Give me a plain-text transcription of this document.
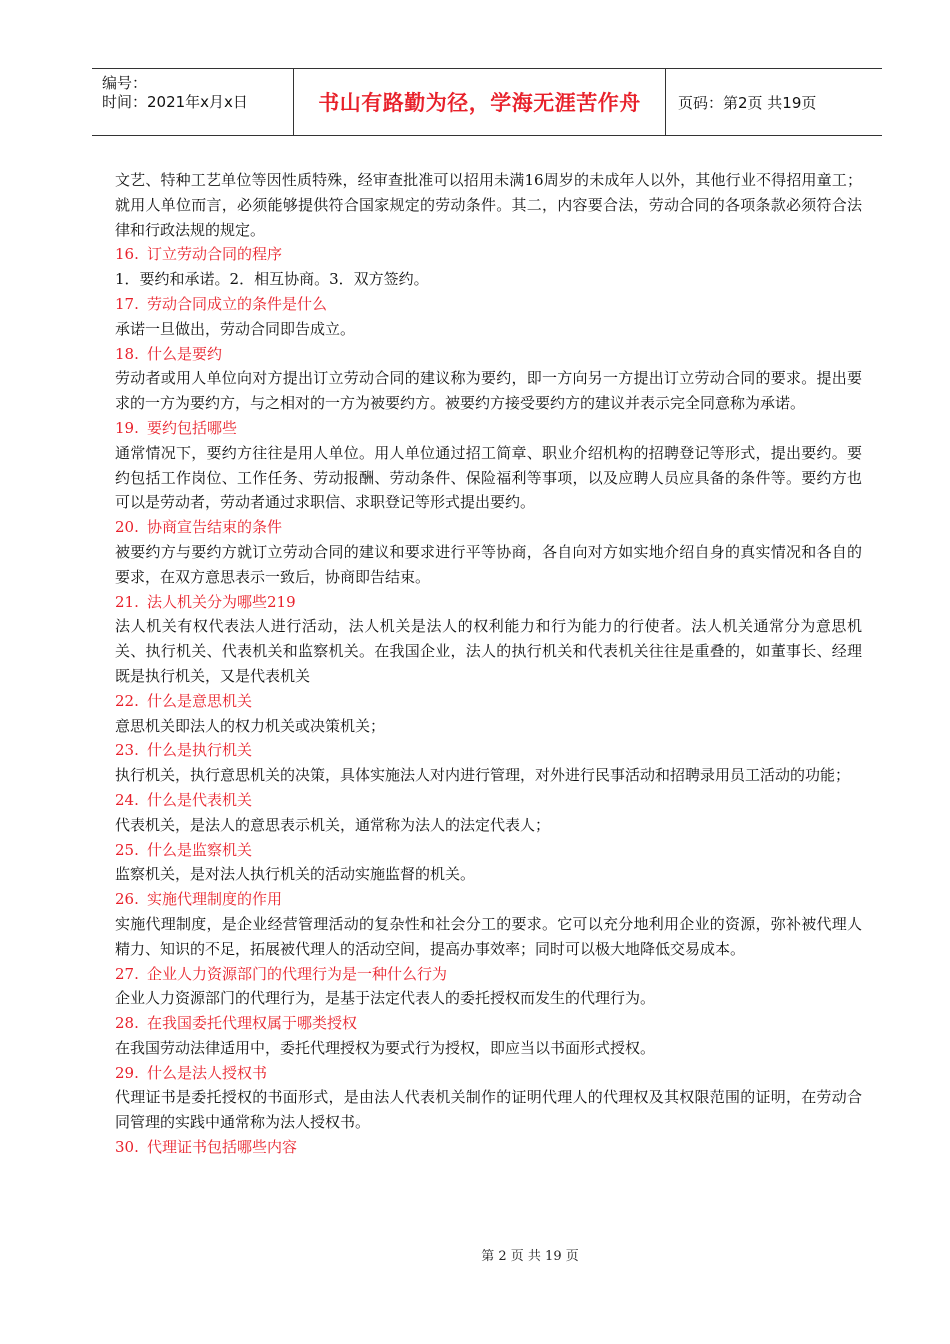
编号：
时间：2021年x月x日	书山有路勤为径，学海无涯苦作舟	页码：第2页 共19页

文艺、特种工艺单位等因性质特殊，经审查批准可以招用未满16周岁的未成年人以外，其他行业不得招用童工；就用人单位而言，必须能够提供符合国家规定的劳动条件。其二，内容要合法，劳动合同的各项条款必须符合法律和行政法规的规定。

16. 订立劳动合同的程序

1．要约和承诺。2．相互协商。3．双方签约。

17. 劳动合同成立的条件是什么

承诺一旦做出，劳动合同即告成立。

18. 什么是要约

劳动者或用人单位向对方提出订立劳动合同的建议称为要约，即一方向另一方提出订立劳动合同的要求。提出要求的一方为要约方，与之相对的一方为被要约方。被要约方接受要约方的建议并表示完全同意称为承诺。

19. 要约包括哪些

通常情况下，要约方往往是用人单位。用人单位通过招工简章、职业介绍机构的招聘登记等形式，提出要约。要约包括工作岗位、工作任务、劳动报酬、劳动条件、保险福利等事项，以及应聘人员应具备的条件等。要约方也可以是劳动者，劳动者通过求职信、求职登记等形式提出要约。

20. 协商宣告结束的条件

被要约方与要约方就订立劳动合同的建议和要求进行平等协商，各自向对方如实地介绍自身的真实情况和各自的要求，在双方意思表示一致后，协商即告结束。

21. 法人机关分为哪些219

法人机关有权代表法人进行活动，法人机关是法人的权利能力和行为能力的行使者。法人机关通常分为意思机关、执行机关、代表机关和监察机关。在我国企业，法人的执行机关和代表机关往往是重叠的，如董事长、经理既是执行机关，又是代表机关

22. 什么是意思机关

意思机关即法人的权力机关或决策机关；

23. 什么是执行机关

执行机关，执行意思机关的决策，具体实施法人对内进行管理，对外进行民事活动和招聘录用员工活动的功能；

24. 什么是代表机关

代表机关，是法人的意思表示机关，通常称为法人的法定代表人；

25. 什么是监察机关

监察机关，是对法人执行机关的活动实施监督的机关。

26. 实施代理制度的作用

实施代理制度，是企业经营管理活动的复杂性和社会分工的要求。它可以充分地利用企业的资源，弥补被代理人精力、知识的不足，拓展被代理人的活动空间，提高办事效率；同时可以极大地降低交易成本。

27. 企业人力资源部门的代理行为是一种什么行为

企业人力资源部门的代理行为，是基于法定代表人的委托授权而发生的代理行为。

28. 在我国委托代理权属于哪类授权

在我国劳动法律适用中，委托代理授权为要式行为授权，即应当以书面形式授权。

29. 什么是法人授权书

代理证书是委托授权的书面形式，是由法人代表机关制作的证明代理人的代理权及其权限范围的证明，在劳动合同管理的实践中通常称为法人授权书。

30. 代理证书包括哪些内容

第 2 页 共 19 页
